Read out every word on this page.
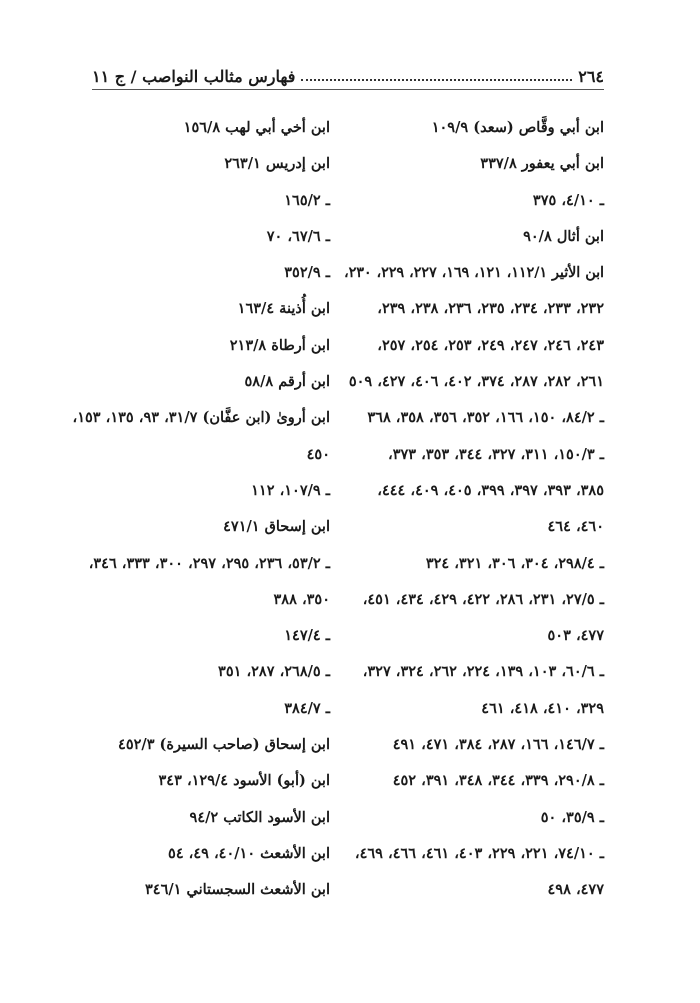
٢٦٤
فهارس مثالب النواصب / ج ١١
ابن أبي وقَّاص (سعد) ١٠٩/٩
ابن أبي يعفور ٣٣٧/٨
ـ ٤/١٠، ٣٧٥
ابن أثال ٩٠/٨
ابن الأثير ١١٢/١، ١٢١، ١٦٩، ٢٢٧، ٢٢٩، ٢٣٠،
٢٣٢، ٢٣٣، ٢٣٤، ٢٣٥، ٢٣٦، ٢٣٨، ٢٣٩،
٢٤٣، ٢٤٦، ٢٤٧، ٢٤٩، ٢٥٣، ٢٥٤، ٢٥٧،
٢٦١، ٢٨٢، ٢٨٧، ٣٧٤، ٤٠٢، ٤٠٦، ٤٢٧، ٥٠٩
ـ ٨٤/٢، ١٥٠، ١٦٦، ٣٥٢، ٣٥٦، ٣٥٨، ٣٦٨
ـ ١٥٠/٣، ٣١١، ٣٢٧، ٣٤٤، ٣٥٣، ٣٧٣،
٣٨٥، ٣٩٣، ٣٩٧، ٣٩٩، ٤٠٥، ٤٠٩، ٤٤٤،
٤٦٠، ٤٦٤
ـ ٢٩٨/٤، ٣٠٤، ٣٠٦، ٣٢١، ٣٢٤
ـ ٢٧/٥، ٢٣١، ٢٨٦، ٤٢٢، ٤٢٩، ٤٣٤، ٤٥١،
٤٧٧، ٥٠٣
ـ ٦٠/٦، ١٠٣، ١٣٩، ٢٢٤، ٢٦٢، ٣٢٤، ٣٢٧،
٣٢٩، ٤١٠، ٤١٨، ٤٦١
ـ ١٤٦/٧، ١٦٦، ٢٨٧، ٣٨٤، ٤٧١، ٤٩١
ـ ٢٩٠/٨، ٣٣٩، ٣٤٤، ٣٤٨، ٣٩١، ٤٥٢
ـ ٣٥/٩، ٥٠
ـ ٧٤/١٠، ٢٢١، ٢٢٩، ٤٠٣، ٤٦١، ٤٦٦، ٤٦٩،
٤٧٧، ٤٩٨
ابن أخي أبي لهب ١٥٦/٨
ابن إدريس ٢٦٣/١
ـ ١٦٥/٢
ـ ٦٧/٦، ٧٠
ـ ٣٥٢/٩
ابن أُذينة ١٦٣/٤
ابن أرطاة ٢١٣/٨
ابن أرقم ٥٨/٨
ابن أروىٰ (ابن عفَّان) ٣١/٧، ٩٣، ١٣٥، ١٥٣،
٤٥٠
ـ ١٠٧/٩، ١١٢
ابن إسحاق ٤٧١/١
ـ ٥٣/٢، ٢٣٦، ٢٩٥، ٢٩٧، ٣٠٠، ٣٣٣، ٣٤٦،
٣٥٠، ٣٨٨
ـ ١٤٧/٤
ـ ٢٦٨/٥، ٢٨٧، ٣٥١
ـ ٣٨٤/٧
ابن إسحاق (صاحب السيرة) ٤٥٢/٣
ابن (أبو) الأسود ١٢٩/٤، ٣٤٣
ابن الأسود الكاتب ٩٤/٢
ابن الأشعث ٤٠/١٠، ٤٩، ٥٤
ابن الأشعث السجستاني ٣٤٦/١
